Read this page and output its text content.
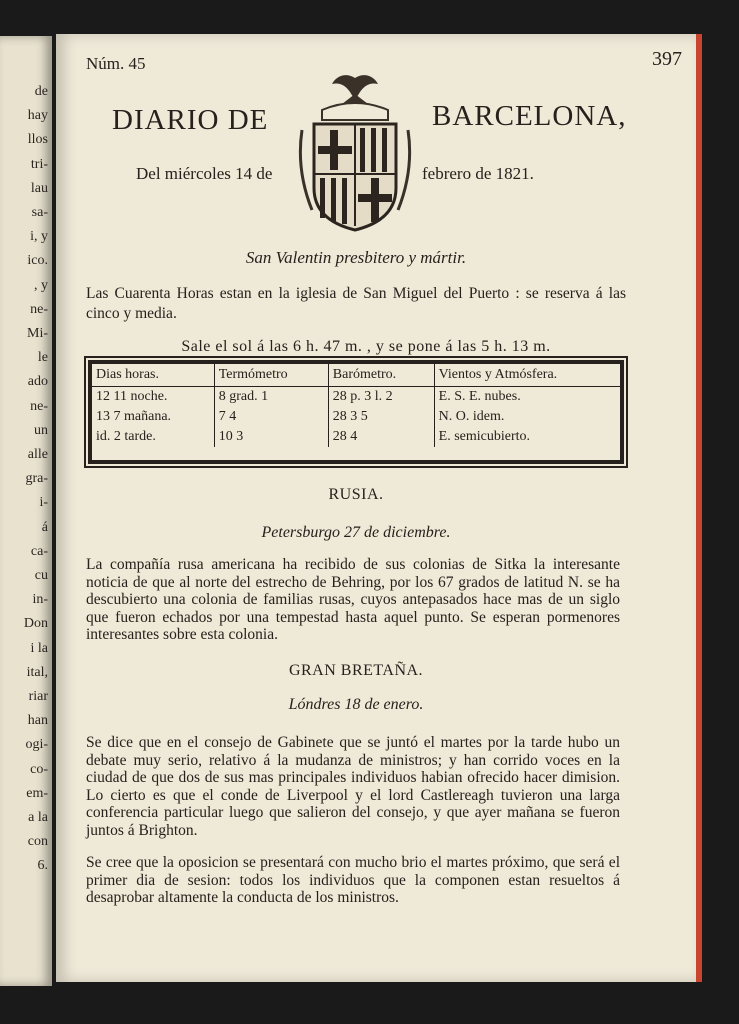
de
hay
llos
tri-
lau
sa-
i, y
ico.
, y
ne-
Mi-
le
ado
ne-
un
alle
gra-
i-
á
ca-
cu
in-
Don
i la
ital,
riar
han
ogi-
co-
em-
a la
con
6.
Núm. 45	397
DIARIO DE	BARCELONA,
Del miércoles 14 de	febrero de 1821.
San Valentin presbitero y mártir.
Las Cuarenta Horas estan en la iglesia de San Miguel del Puerto : se reserva á las cinco y media.
Sale el sol á las 6 h. 47 m. , y se pone á las 5 h. 13 m.
Dias horas.	Termómetro	Barómetro.	Vientos y Atmósfera.
12 11 noche.	8 grad. 1	28 p. 3 l. 2	E. S. E. nubes.
13 7 mañana.	7 4	28 3 5	N. O. idem.
id. 2 tarde.	10 3	28 4	E. semicubierto.
RUSIA.
Petersburgo 27 de diciembre.
La compañía rusa americana ha recibido de sus colonias de Sitka la interesante noticia de que al norte del estrecho de Behring, por los 67 grados de latitud N. se ha descubierto una colonia de familias rusas, cuyos antepasados hace mas de un siglo que fueron echados por una tempestad hasta aquel punto. Se esperan pormenores interesantes sobre esta colonia.
GRAN BRETAÑA.
Lóndres 18 de enero.
Se dice que en el consejo de Gabinete que se juntó el martes por la tarde hubo un debate muy serio, relativo á la mudanza de ministros; y han corrido voces en la ciudad de que dos de sus mas principales individuos habian ofrecido hacer dimision. Lo cierto es que el conde de Liverpool y el lord Castlereagh tuvieron una larga conferencia particular luego que salieron del consejo, y que ayer mañana se fueron juntos á Brighton.
Se cree que la oposicion se presentará con mucho brio el martes próximo, que será el primer dia de sesion: todos los individuos que la componen estan resueltos á desaprobar altamente la conducta de los ministros.
